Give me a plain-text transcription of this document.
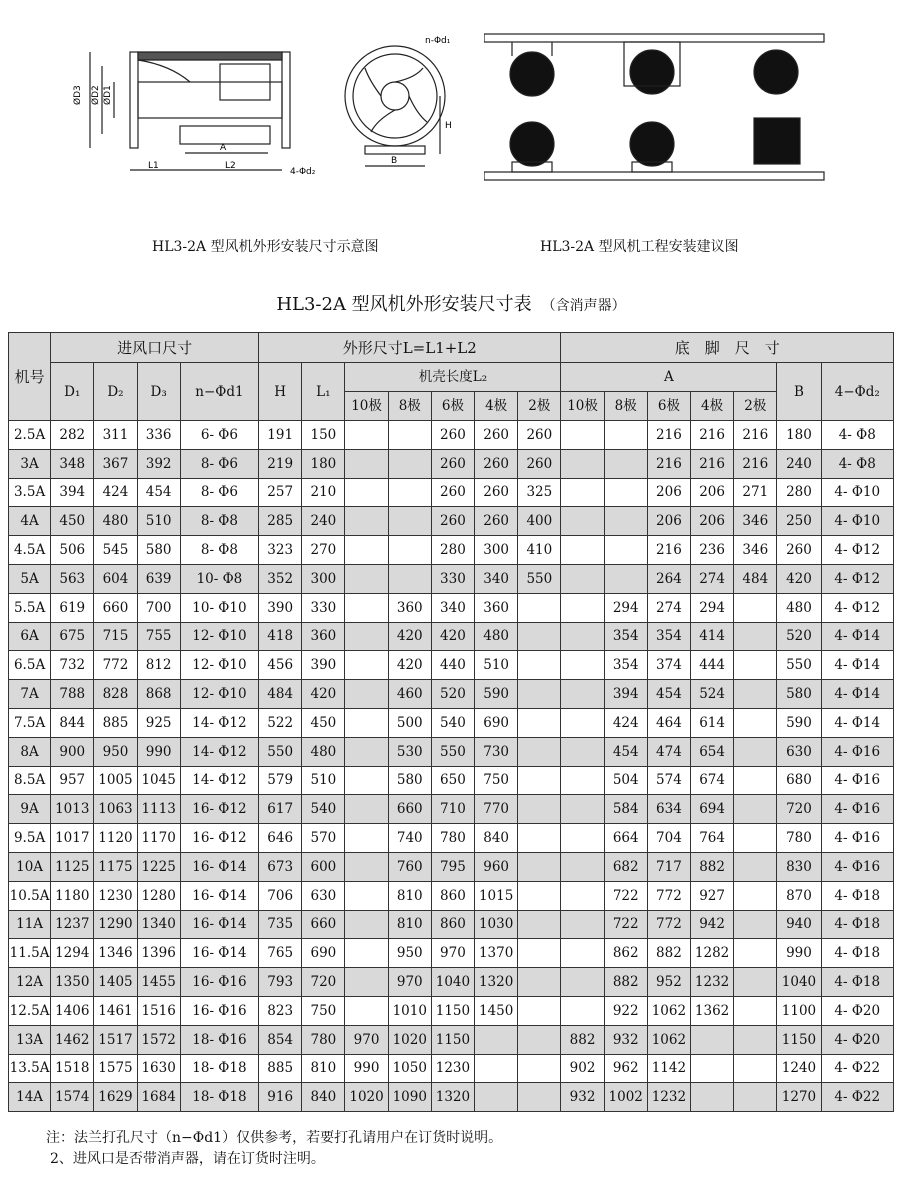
ØD3 ØD2 ØD1
A
L1	L2
4-Φd₂
n-Φd₁
H
B
HL3-2A 型风机外形安装尺寸示意图	HL3-2A 型风机工程安装建议图
HL3-2A 型风机外形安装尺寸表 （含消声器）
机号	进风口尺寸				外形尺寸L=L1+L2							底　脚　尺　寸						
	D₁	D₂	D₃	n−Φd1	H	L₁	机壳长度L₂					A					B	4−Φd₂
							10极	8极	6极	4极	2极	10极	8极	6极	4极	2极		
2.5A	282	311	336	6- Φ6	191	150			260	260	260			216	216	216	180	4- Φ8
3A	348	367	392	8- Φ6	219	180			260	260	260			216	216	216	240	4- Φ8
3.5A	394	424	454	8- Φ6	257	210			260	260	325			206	206	271	280	4- Φ10
4A	450	480	510	8- Φ8	285	240			260	260	400			206	206	346	250	4- Φ10
4.5A	506	545	580	8- Φ8	323	270			280	300	410			216	236	346	260	4- Φ12
5A	563	604	639	10- Φ8	352	300			330	340	550			264	274	484	420	4- Φ12
5.5A	619	660	700	10- Φ10	390	330		360	340	360			294	274	294		480	4- Φ12
6A	675	715	755	12- Φ10	418	360		420	420	480			354	354	414		520	4- Φ14
6.5A	732	772	812	12- Φ10	456	390		420	440	510			354	374	444		550	4- Φ14
7A	788	828	868	12- Φ10	484	420		460	520	590			394	454	524		580	4- Φ14
7.5A	844	885	925	14- Φ12	522	450		500	540	690			424	464	614		590	4- Φ14
8A	900	950	990	14- Φ12	550	480		530	550	730			454	474	654		630	4- Φ16
8.5A	957	1005	1045	14- Φ12	579	510		580	650	750			504	574	674		680	4- Φ16
9A	1013	1063	1113	16- Φ12	617	540		660	710	770			584	634	694		720	4- Φ16
9.5A	1017	1120	1170	16- Φ12	646	570		740	780	840			664	704	764		780	4- Φ16
10A	1125	1175	1225	16- Φ14	673	600		760	795	960			682	717	882		830	4- Φ16
10.5A	1180	1230	1280	16- Φ14	706	630		810	860	1015			722	772	927		870	4- Φ18
11A	1237	1290	1340	16- Φ14	735	660		810	860	1030			722	772	942		940	4- Φ18
11.5A	1294	1346	1396	16- Φ14	765	690		950	970	1370			862	882	1282		990	4- Φ18
12A	1350	1405	1455	16- Φ16	793	720		970	1040	1320			882	952	1232		1040	4- Φ18
12.5A	1406	1461	1516	16- Φ16	823	750		1010	1150	1450			922	1062	1362		1100	4- Φ20
13A	1462	1517	1572	18- Φ16	854	780	970	1020	1150			882	932	1062			1150	4- Φ20
13.5A	1518	1575	1630	18- Φ18	885	810	990	1050	1230			902	962	1142			1240	4- Φ22
14A	1574	1629	1684	18- Φ18	916	840	1020	1090	1320			932	1002	1232			1270	4- Φ22
注：法兰打孔尺寸（n−Φd1）仅供参考，若要打孔请用户在订货时说明。
2、进风口是否带消声器，请在订货时注明。
